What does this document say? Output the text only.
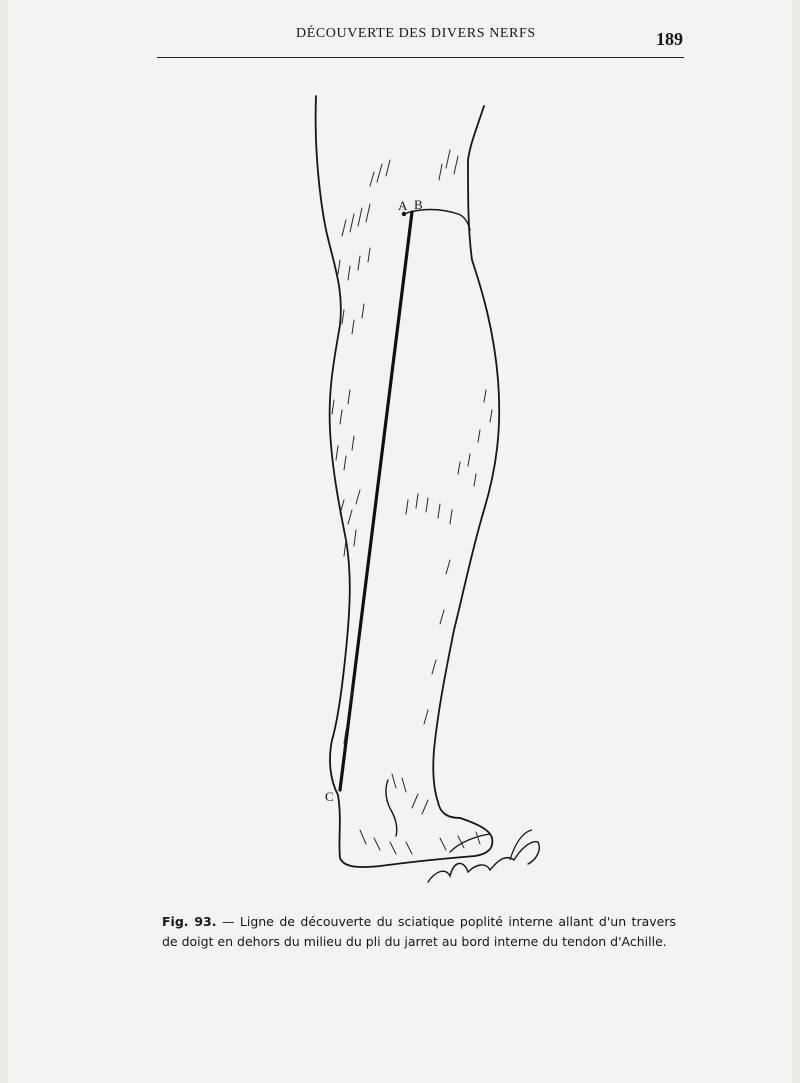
DÉCOUVERTE DES DIVERS NERFS	189
A B
C
Fig. 93. — Ligne de découverte du sciatique poplité interne allant d'un travers de doigt en dehors du milieu du pli du jarret au bord interne du tendon d'Achille.
